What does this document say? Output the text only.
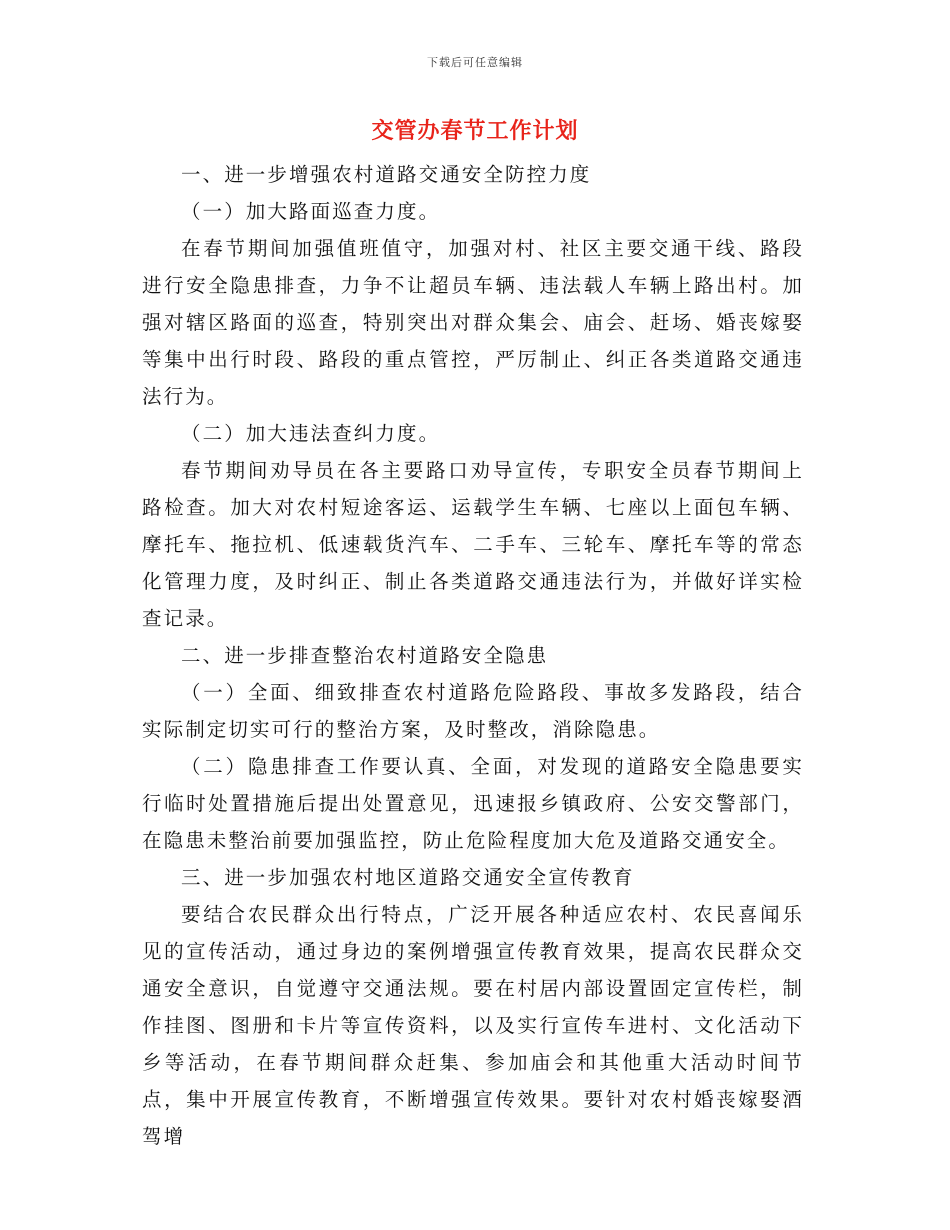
下载后可任意编辑
交管办春节工作计划

一、进一步增强农村道路交通安全防控力度

（一）加大路面巡查力度。

在春节期间加强值班值守，加强对村、社区主要交通干线、路段进行安全隐患排查，力争不让超员车辆、违法载人车辆上路出村。加强对辖区路面的巡查，特别突出对群众集会、庙会、赶场、婚丧嫁娶等集中出行时段、路段的重点管控，严厉制止、纠正各类道路交通违法行为。

（二）加大违法查纠力度。

春节期间劝导员在各主要路口劝导宣传，专职安全员春节期间上路检查。加大对农村短途客运、运载学生车辆、七座以上面包车辆、摩托车、拖拉机、低速载货汽车、二手车、三轮车、摩托车等的常态化管理力度，及时纠正、制止各类道路交通违法行为，并做好详实检查记录。

二、进一步排查整治农村道路安全隐患

（一）全面、细致排查农村道路危险路段、事故多发路段，结合实际制定切实可行的整治方案，及时整改，消除隐患。

（二）隐患排查工作要认真、全面，对发现的道路安全隐患要实行临时处置措施后提出处置意见，迅速报乡镇政府、公安交警部门，在隐患未整治前要加强监控，防止危险程度加大危及道路交通安全。

三、进一步加强农村地区道路交通安全宣传教育

要结合农民群众出行特点，广泛开展各种适应农村、农民喜闻乐见的宣传活动，通过身边的案例增强宣传教育效果，提高农民群众交通安全意识，自觉遵守交通法规。要在村居内部设置固定宣传栏，制作挂图、图册和卡片等宣传资料，以及实行宣传车进村、文化活动下乡等活动，在春节期间群众赶集、参加庙会和其他重大活动时间节点，集中开展宣传教育，不断增强宣传效果。要针对农村婚丧嫁娶酒驾增
